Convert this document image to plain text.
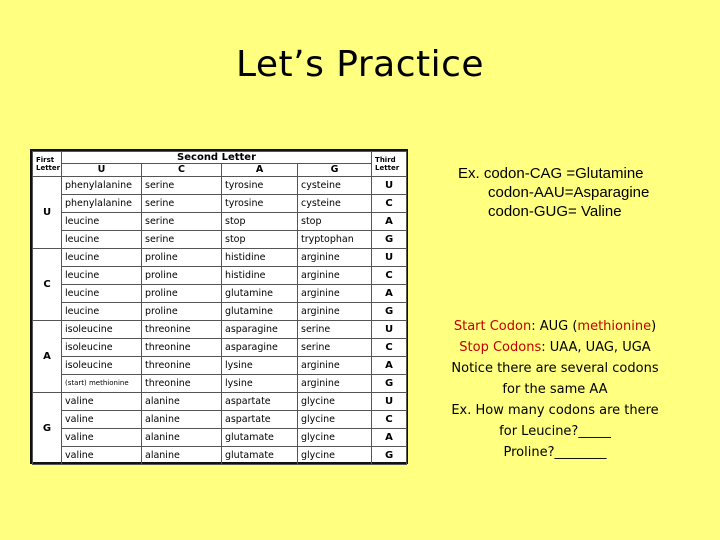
Let’s Practice
First Letter	Second Letter				Third Letter
	U	C	A	G	
U	phenylalanine	serine	tyrosine	cysteine	U
	phenylalanine	serine	tyrosine	cysteine	C
	leucine	serine	stop	stop	A
	leucine	serine	stop	tryptophan	G
C	leucine	proline	histidine	arginine	U
	leucine	proline	histidine	arginine	C
	leucine	proline	glutamine	arginine	A
	leucine	proline	glutamine	arginine	G
A	isoleucine	threonine	asparagine	serine	U
	isoleucine	threonine	asparagine	serine	C
	isoleucine	threonine	lysine	arginine	A
	(start) methionine	threonine	lysine	arginine	G
G	valine	alanine	aspartate	glycine	U
	valine	alanine	aspartate	glycine	C
	valine	alanine	glutamate	glycine	A
	valine	alanine	glutamate	glycine	G
Ex. codon-CAG =Glutamine
codon-AAU=Asparagine
codon-GUG= Valine
Start Codon: AUG (methionine)
Stop Codons: UAA, UAG, UGA
Notice there are several codons
for the same AA
Ex. How many codons are there
for Leucine?_____
Proline?________
